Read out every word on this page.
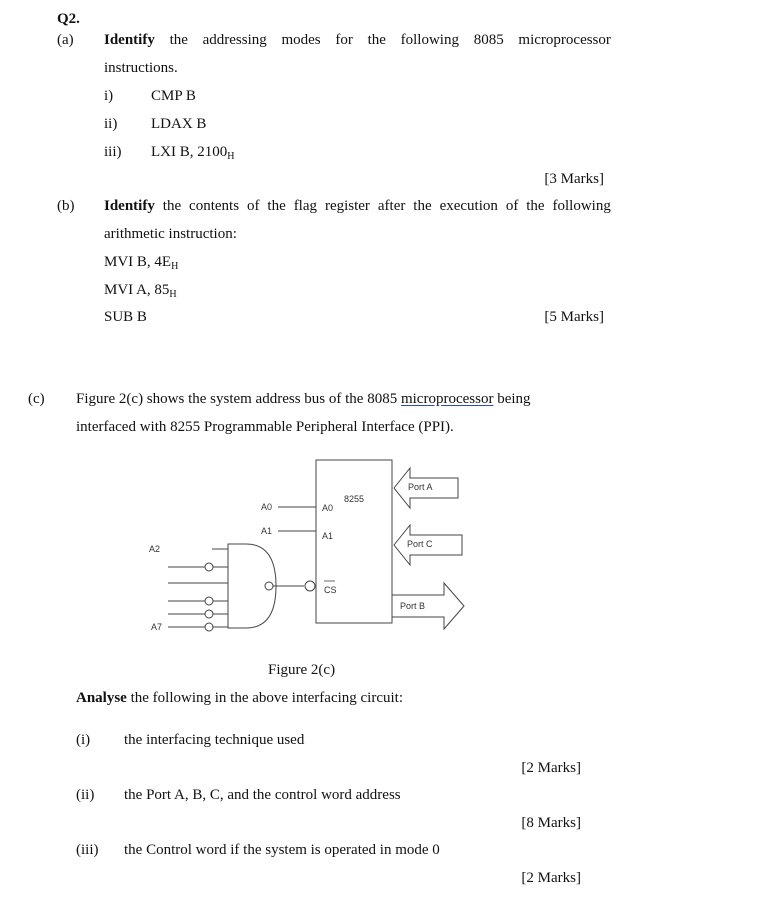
Q2.
(a) Identify the addressing modes for the following 8085 microprocessor
instructions.
i)	CMP B
ii) LDAX B
iii) LXI B, $2100_H$
[3 Marks]
(b) Identify the contents of the flag register after the execution of the following
arithmetic instruction:
MVI B, $4E_H$
MVI A, $85_H$
SUB B	[5 Marks]
(c) Figure 2(c) shows the system address bus of the 8085 microprocessor being
interfaced with 8255 Programmable Peripheral Interface (PPI).
8255
A0
A1
CS
A0
A1
A2
A7
Port A
Port C
Port B
Figure 2(c)
Analyse the following in the above interfacing circuit:
(i) the interfacing technique used
[2 Marks]
(ii) the Port A, B, C, and the control word address
[8 Marks]
(iii) the Control word if the system is operated in mode 0
[2 Marks]
